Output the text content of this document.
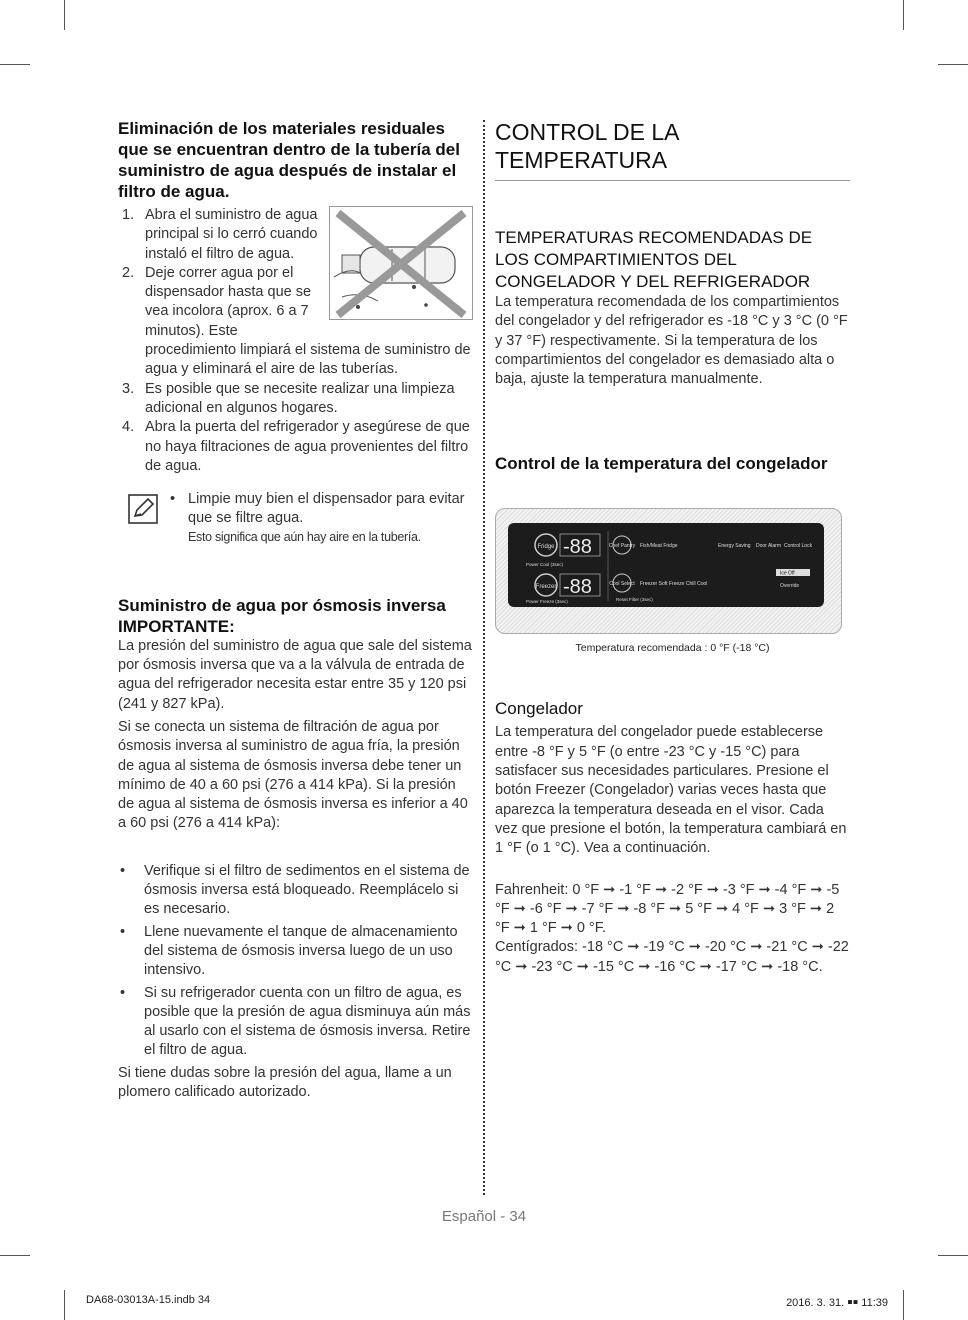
Eliminación de los materiales residuales que se encuentran dentro de la tubería del suministro de agua después de instalar el filtro de agua.
1. Abra el suministro de agua principal si lo cerró cuando instaló el filtro de agua.
2. Deje correr agua por el dispensador hasta que se vea incolora (aprox. 6 a 7 minutos). Este procedimiento limpiará el sistema de suministro de agua y eliminará el aire de las tuberías.
3. Es posible que se necesite realizar una limpieza adicional en algunos hogares.
4. Abra la puerta del refrigerador y asegúrese de que no haya filtraciones de agua provenientes del filtro de agua.
• Limpie muy bien el dispensador para evitar que se filtre agua.
Esto significa que aún hay aire en la tubería.
Suministro de agua por ósmosis inversa
IMPORTANTE:

La presión del suministro de agua que sale del sistema por ósmosis inversa que va a la válvula de entrada de agua del refrigerador necesita estar entre 35 y 120 psi (241 y 827 kPa).

Si se conecta un sistema de filtración de agua por ósmosis inversa al suministro de agua fría, la presión de agua al sistema de ósmosis inversa debe tener un mínimo de 40 a 60 psi (276 a 414 kPa). Si la presión de agua al sistema de ósmosis inversa es inferior a 40 a 60 psi (276 a 414 kPa):

• Verifique si el filtro de sedimentos en el sistema de ósmosis inversa está bloqueado. Reemplácelo si es necesario.
• Llene nuevamente el tanque de almacenamiento del sistema de ósmosis inversa luego de un uso intensivo.
• Si su refrigerador cuenta con un filtro de agua, es posible que la presión de agua disminuya aún más al usarlo con el sistema de ósmosis inversa. Retire el filtro de agua.

Si tiene dudas sobre la presión del agua, llame a un plomero calificado autorizado.

CONTROL DE LA TEMPERATURA
TEMPERATURAS RECOMENDADAS DE LOS COMPARTIMIENTOS DEL CONGELADOR Y DEL REFRIGERADOR
La temperatura recomendada de los compartimientos del congelador y del refrigerador es -18 °C y 3 °C (0 °F y 37 °F) respectivamente. Si la temperatura de los compartimientos del congelador es demasiado alta o baja, ajuste la temperatura manualmente.
Control de la temperatura del congelador
Fridge -88
Power Cool (3sec)
Freezer -88
Power Freeze (3sec)
Chef Pantry Fish/Meat Fridge	Energy Saving Door Alarm Control Lock
Cool Select Freezer Soft Freeze Chill Cool
Reset Filter (3sec)
Ice Off
Override
Temperatura recomendada : 0 °F (-18 °C)
Congelador
La temperatura del congelador puede establecerse entre -8 °F y 5 °F (o entre -23 °C y -15 °C) para satisfacer sus necesidades particulares. Presione el botón Freezer (Congelador) varias veces hasta que aparezca la temperatura deseada en el visor. Cada vez que presione el botón, la temperatura cambiará en 1 °F (o 1 °C). Vea a continuación.
Fahrenheit: 0 °F ➞ -1 °F ➞ -2 °F ➞ -3 °F ➞ -4 °F ➞ -5 °F ➞ -6 °F ➞ -7 °F ➞ -8 °F ➞ 5 °F ➞ 4 °F ➞ 3 °F ➞ 2 °F ➞ 1 °F ➞ 0 °F.
Centígrados: -18 °C ➞ -19 °C ➞ -20 °C ➞ -21 °C ➞ -22 °C ➞ -23 °C ➞ -15 °C ➞ -16 °C ➞ -17 °C ➞ -18 °C.
Español - 34
DA68-03013A-15.indb 34	2016. 3. 31. ￭￭ 11:39
